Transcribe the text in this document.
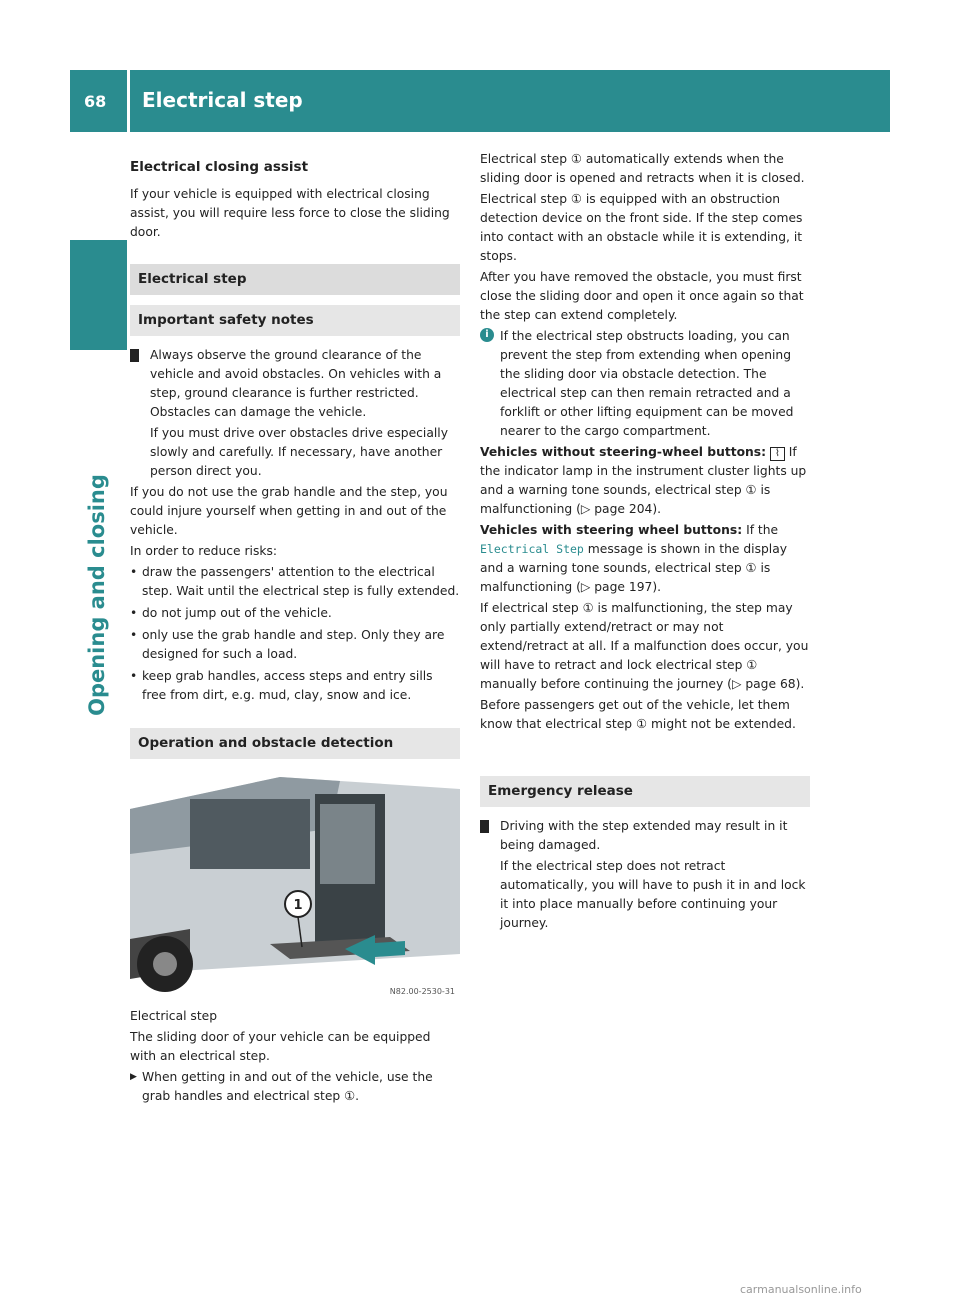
68 Electrical step
Opening and closing
Electrical closing assist

If your vehicle is equipped with electrical closing assist, you will require less force to close the sliding door.

Electrical step
Important safety notes

Always observe the ground clearance of the vehicle and avoid obstacles. On vehicles with a step, ground clearance is further restricted. Obstacles can damage the vehicle.

If you must drive over obstacles drive especially slowly and carefully. If necessary, have another person direct you.

If you do not use the grab handle and the step, you could injure yourself when getting in and out of the vehicle.

In order to reduce risks:

• draw the passengers' attention to the electrical step. Wait until the electrical step is fully extended.
• do not jump out of the vehicle.
• only use the grab handle and step. Only they are designed for such a load.
• keep grab handles, access steps and entry sills free from dirt, e.g. mud, clay, snow and ice.
Operation and obstacle detection
1
N82.00-2530-31

Electrical step

The sliding door of your vehicle can be equipped with an electrical step.

▶ When getting in and out of the vehicle, use the grab handles and electrical step ①.

Electrical step ① automatically extends when the sliding door is opened and retracts when it is closed.

Electrical step ① is equipped with an obstruction detection device on the front side. If the step comes into contact with an obstacle while it is extending, it stops.

After you have removed the obstacle, you must first close the sliding door and open it once again so that the step can extend completely.

i If the electrical step obstructs loading, you can prevent the step from extending when opening the sliding door via obstacle detection. The electrical step can then remain retracted and a forklift or other lifting equipment can be moved nearer to the cargo compartment.

Vehicles without steering-wheel buttons: ⌇ If the indicator lamp in the instrument cluster lights up and a warning tone sounds, electrical step ① is malfunctioning (▷ page 204).

Vehicles with steering wheel buttons: If the Electrical Step message is shown in the display and a warning tone sounds, electrical step ① is malfunctioning (▷ page 197).

If electrical step ① is malfunctioning, the step may only partially extend/retract or may not extend/retract at all. If a malfunction does occur, you will have to retract and lock electrical step ① manually before continuing the journey (▷ page 68).

Before passengers get out of the vehicle, let them know that electrical step ① might not be extended.

Emergency release

Driving with the step extended may result in it being damaged.

If the electrical step does not retract automatically, you will have to push it in and lock it into place manually before continuing your journey.

carmanualsonline.info
